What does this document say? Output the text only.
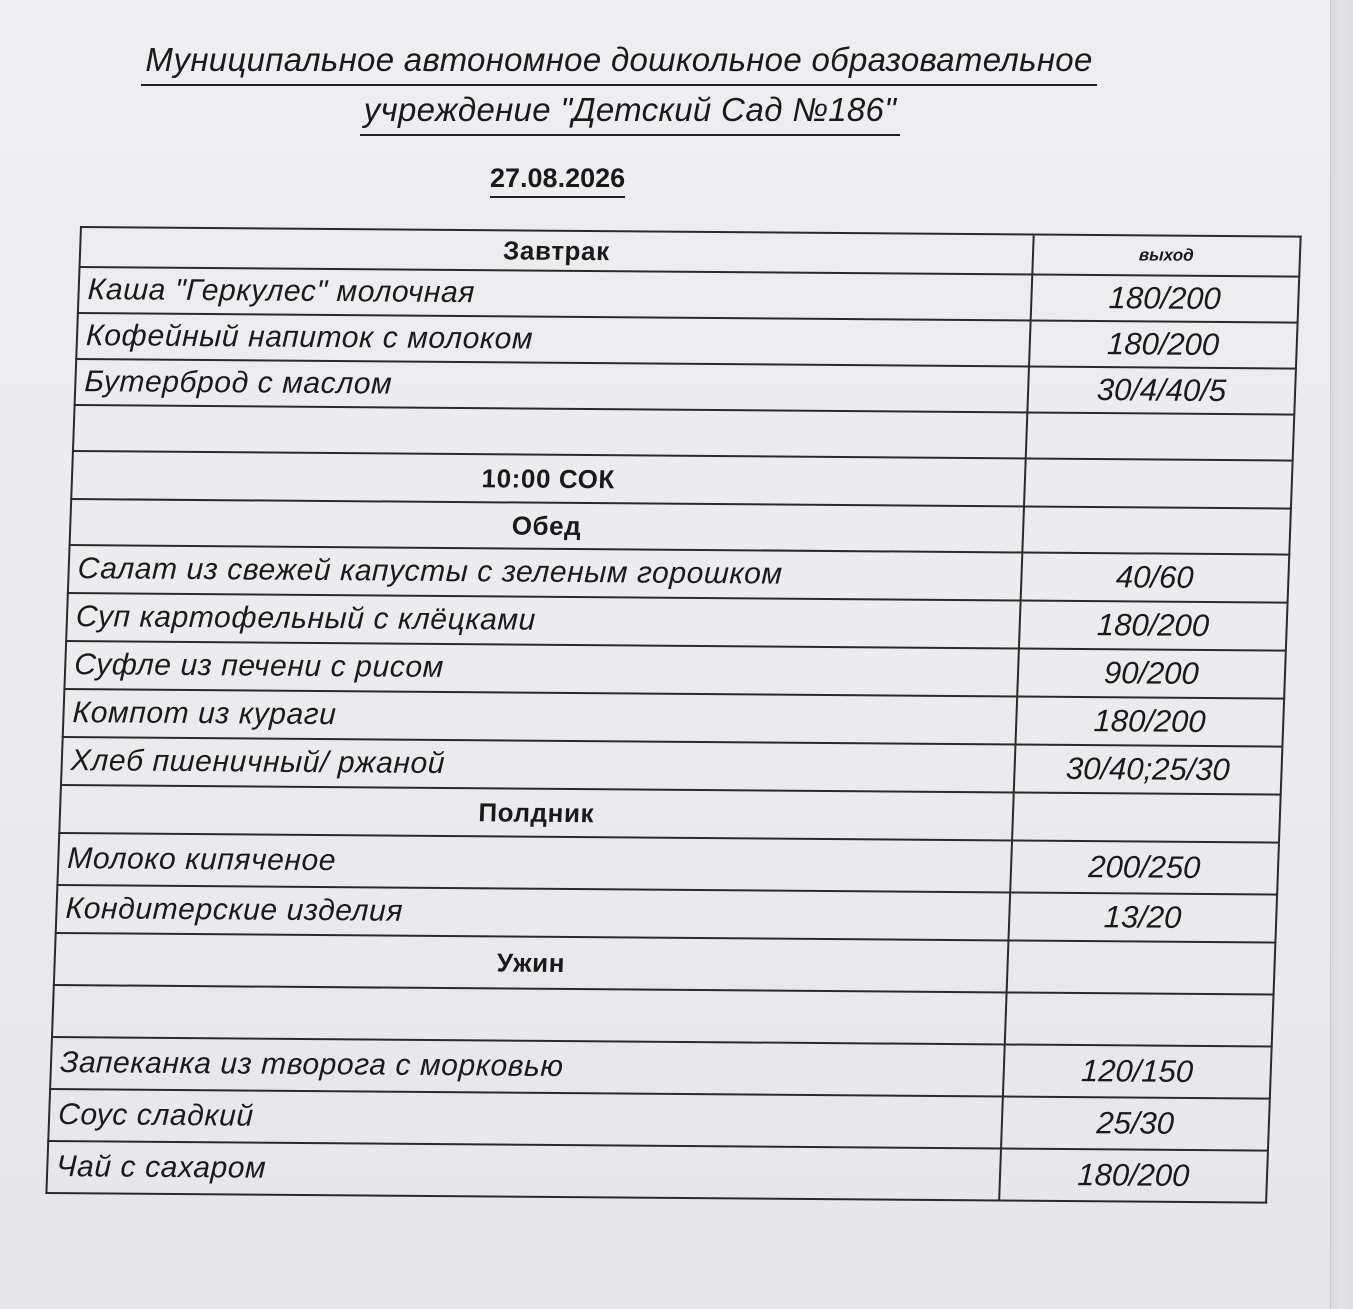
Муниципальное автономное дошкольное образовательное
учреждение "Детский Сад №186"
27.08.2026
Завтрак	выход
Каша "Геркулес" молочная	180/200
Кофейный напиток с молоком	180/200
Бутерброд с маслом	30/4/40/5

10:00 СОК	
Обед	
Салат из свежей капусты с зеленым горошком	40/60
Суп картофельный с клёцками	180/200
Суфле из печени с рисом	90/200
Компот из кураги	180/200
Хлеб пшеничный/ ржаной	30/40;25/30
Полдник	
Молоко кипяченое	200/250
Кондитерские изделия	13/20
Ужин	

Запеканка из творога с морковью	120/150
Соус сладкий	25/30
Чай с сахаром	180/200
